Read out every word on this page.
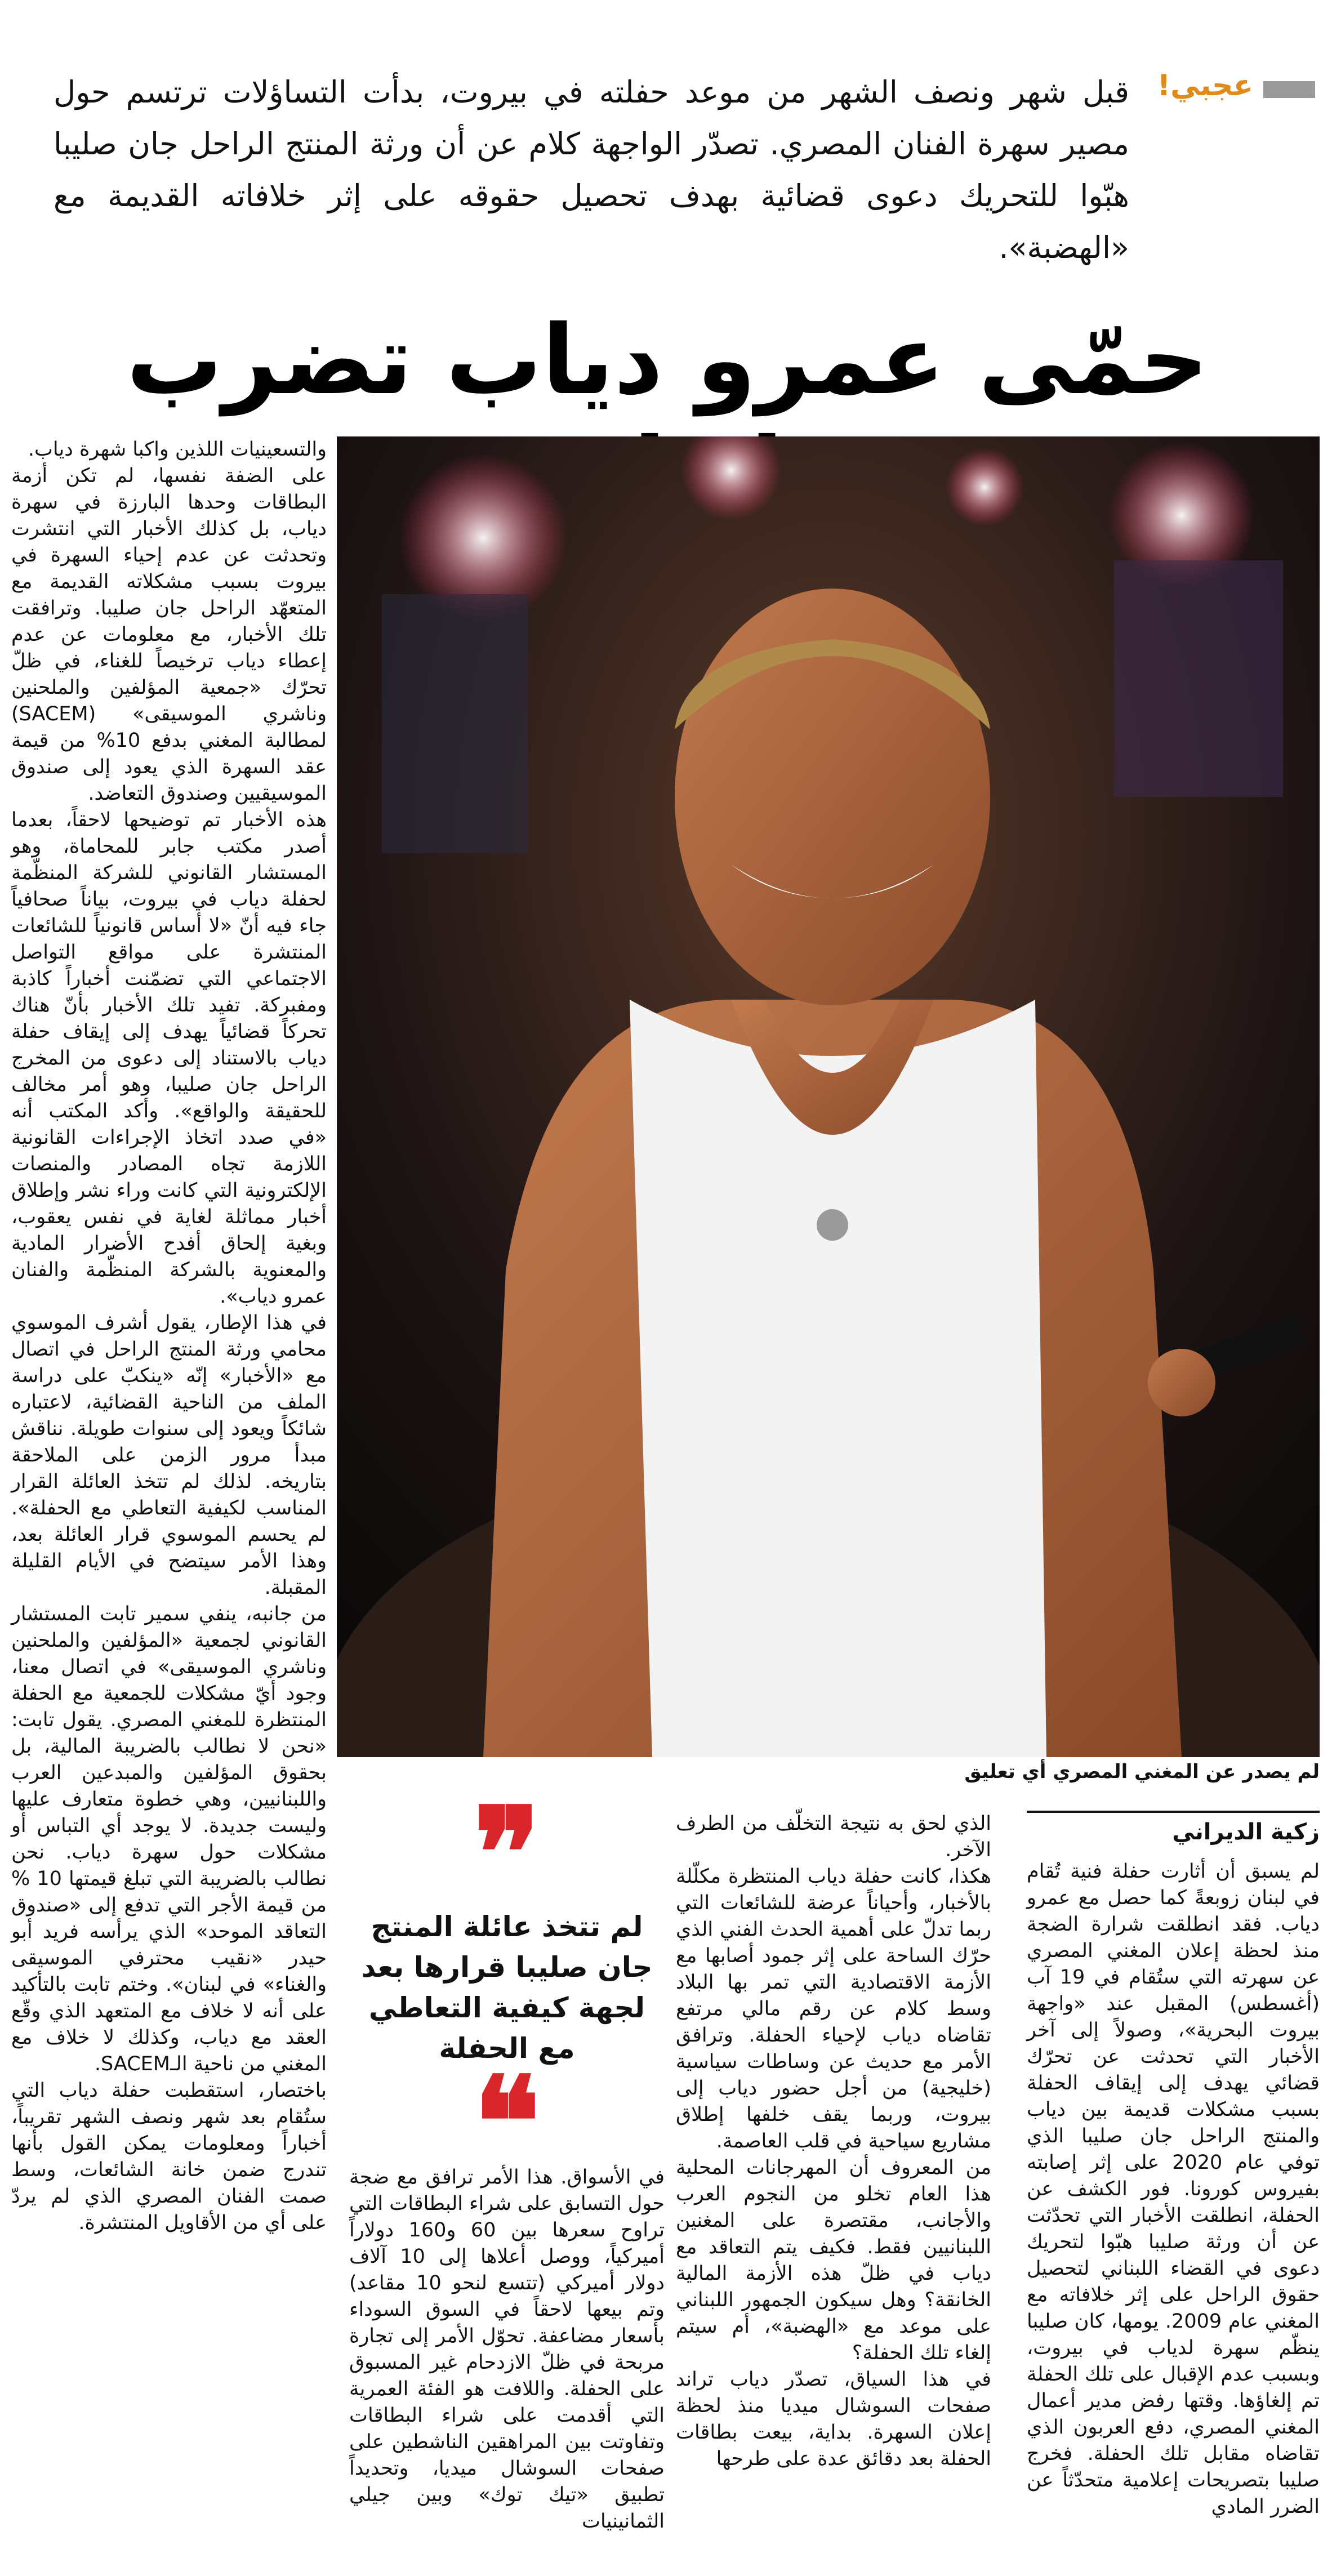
عجبي!
قبل شهر ونصف الشهر من موعد حفلته في بيروت، بدأت التساؤلات ترتسم حول مصير سهرة الفنان المصري. تصدّر الواجهة كلام عن أن ورثة المنتج الراحل جان صليبا هبّوا للتحريك دعوى قضائية بهدف تحصيل حقوقه على إثر خلافاته القديمة مع «الهضبة».
حمّى عمرو دياب تضرب

والتسعينيات اللذين واكبا شهرة دياب.

على الضفة نفسها، لم تكن أزمة البطاقات وحدها البارزة في سهرة دياب، بل كذلك الأخبار التي انتشرت وتحدثت عن عدم إحياء السهرة في بيروت بسبب مشكلاته القديمة مع المتعهّد الراحل جان صليبا. وترافقت تلك الأخبار، مع معلومات عن عدم إعطاء دياب ترخيصاً للغناء، في ظلّ تحرّك «جمعية المؤلفين والملحنين وناشري الموسيقى» (SACEM) لمطالبة المغني بدفع 10% من قيمة عقد السهرة الذي يعود إلى صندوق الموسيقيين وصندوق التعاضد.

هذه الأخبار تم توضيحها لاحقاً، بعدما أصدر مكتب جابر للمحاماة، وهو المستشار القانوني للشركة المنظّمة لحفلة دياب في بيروت، بياناً صحافياً جاء فيه أنّ «لا أساس قانونياً للشائعات المنتشرة على مواقع التواصل الاجتماعي التي تضمّنت أخباراً كاذبة ومفبركة. تفيد تلك الأخبار بأنّ هناك تحركاً قضائياً يهدف إلى إيقاف حفلة دياب بالاستناد إلى دعوى من المخرج الراحل جان صليبا، وهو أمر مخالف للحقيقة والواقع». وأكد المكتب أنه «في صدد اتخاذ الإجراءات القانونية اللازمة تجاه المصادر والمنصات الإلكترونية التي كانت وراء نشر وإطلاق أخبار مماثلة لغاية في نفس يعقوب، وبغية إلحاق أفدح الأضرار المادية والمعنوية بالشركة المنظّمة والفنان عمرو دياب».

في هذا الإطار، يقول أشرف الموسوي محامي ورثة المنتج الراحل في اتصال مع «الأخبار» إنّه «ينكبّ على دراسة الملف من الناحية القضائية، لاعتباره شائكاً ويعود إلى سنوات طويلة. نناقش مبدأ مرور الزمن على الملاحقة بتاريخه. لذلك لم تتخذ العائلة القرار المناسب لكيفية التعاطي مع الحفلة». لم يحسم الموسوي قرار العائلة بعد، وهذا الأمر سيتضح في الأيام القليلة المقبلة.

من جانبه، ينفي سمير تابت المستشار القانوني لجمعية «المؤلفين والملحنين وناشري الموسيقى» في اتصال معنا، وجود أيّ مشكلات للجمعية مع الحفلة المنتظرة للمغني المصري. يقول تابت: «نحن لا نطالب بالضريبة المالية، بل بحقوق المؤلفين والمبدعين العرب واللبنانيين، وهي خطوة متعارف عليها وليست جديدة. لا يوجد أي التباس أو مشكلات حول سهرة دياب. نحن نطالب بالضريبة التي تبلغ قيمتها 10 % من قيمة الأجر التي تدفع إلى «صندوق التعاقد الموحد» الذي يرأسه فريد أبو حيدر «نقيب محترفي الموسيقى والغناء» في لبنان». وختم تابت بالتأكيد على أنه لا خلاف مع المتعهد الذي وقّع العقد مع دياب، وكذلك لا خلاف مع المغني من ناحية الـSACEM.

باختصار، استقطبت حفلة دياب التي ستُقام بعد شهر ونصف الشهر تقريباً، أخباراً ومعلومات يمكن القول بأنها تندرج ضمن خانة الشائعات، وسط صمت الفنان المصري الذي لم يردّ على أي من الأقاويل المنتشرة.

لم يصدر عن المغني المصري أي تعليق
زكية الديراني

لم يسبق أن أثارت حفلة فنية تُقام في لبنان زوبعةً كما حصل مع عمرو دياب. فقد انطلقت شرارة الضجة منذ لحظة إعلان المغني المصري عن سهرته التي ستُقام في 19 آب (أغسطس) المقبل عند «واجهة بيروت البحرية»، وصولاً إلى آخر الأخبار التي تحدثت عن تحرّك قضائي يهدف إلى إيقاف الحفلة بسبب مشكلات قديمة بين دياب والمنتج الراحل جان صليبا الذي توفي عام 2020 على إثر إصابته بفيروس كورونا. فور الكشف عن الحفلة، انطلقت الأخبار التي تحدّثت عن أن ورثة صليبا هبّوا لتحريك دعوى في القضاء اللبناني لتحصيل حقوق الراحل على إثر خلافاته مع المغني عام 2009. يومها، كان صليبا ينظّم سهرة لدياب في بيروت، وبسبب عدم الإقبال على تلك الحفلة تم إلغاؤها. وقتها رفض مدير أعمال المغني المصري، دفع العربون الذي تقاضاه مقابل تلك الحفلة. فخرج صليبا بتصريحات إعلامية متحدّثاً عن الضرر المادي

الذي لحق به نتيجة التخلّف من الطرف الآخر.

هكذا، كانت حفلة دياب المنتظرة مكلّلة بالأخبار، وأحياناً عرضة للشائعات التي ربما تدلّ على أهمية الحدث الفني الذي حرّك الساحة على إثر جمود أصابها مع الأزمة الاقتصادية التي تمر بها البلاد وسط كلام عن رقم مالي مرتفع تقاضاه دياب لإحياء الحفلة. وترافق الأمر مع حديث عن وساطات سياسية (خليجية) من أجل حضور دياب إلى بيروت، وربما يقف خلفها إطلاق مشاريع سياحية في قلب العاصمة.

من المعروف أن المهرجانات المحلية هذا العام تخلو من النجوم العرب والأجانب، مقتصرة على المغنين اللبنانيين فقط. فكيف يتم التعاقد مع دياب في ظلّ هذه الأزمة المالية الخانقة؟ وهل سيكون الجمهور اللبناني على موعد مع «الهضبة»، أم سيتم إلغاء تلك الحفلة؟

في هذا السياق، تصدّر دياب تراند صفحات السوشال ميديا منذ لحظة إعلان السهرة. بداية، بيعت بطاقات الحفلة بعد دقائق عدة على طرحها

❞
لم تتخذ عائلة المنتج جان صليبا قرارها بعد لجهة كيفية التعاطي مع الحفلة
❝

في الأسواق. هذا الأمر ترافق مع ضجة حول التسابق على شراء البطاقات التي تراوح سعرها بين 60 و160 دولاراً أميركياً، ووصل أعلاها إلى 10 آلاف دولار أميركي (تتسع لنحو 10 مقاعد) وتم بيعها لاحقاً في السوق السوداء بأسعار مضاعفة. تحوّل الأمر إلى تجارة مربحة في ظلّ الازدحام غير المسبوق على الحفلة. واللافت هو الفئة العمرية التي أقدمت على شراء البطاقات وتفاوتت بين المراهقين الناشطين على صفحات السوشال ميديا، وتحديداً تطبيق «تيك توك» وبين جيلي الثمانينيات
